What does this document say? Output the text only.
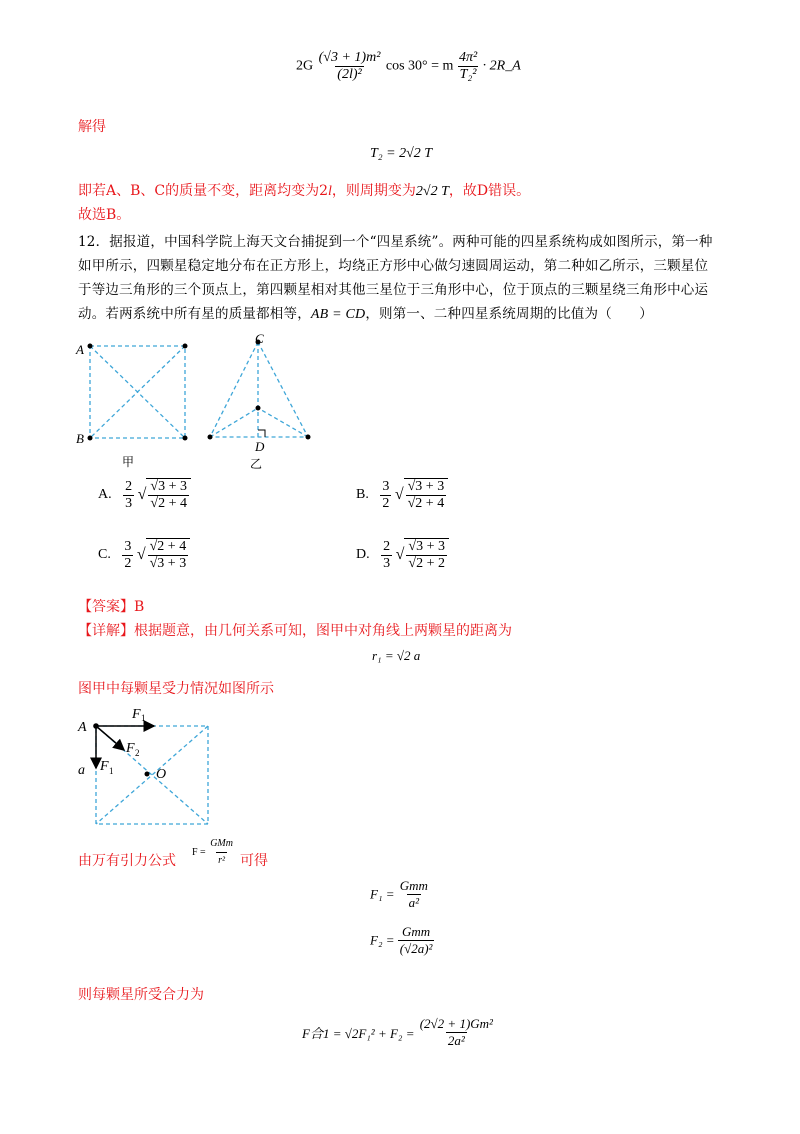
$2G \frac{\text{(√3 + 1)m²}}{\text{(2l)²}}$ cos 30° = m $\frac{\text{4π²}}{\text{T₂²}}$ · 2R_A
解得
T₂ = 2√2 T
即若A、B、C的质量不变，距离均变为2l，则周期变为2√2 T，故D错误。
故选B。
12．据报道，中国科学院上海天文台捕捉到一个“四星系统”。两种可能的四星系统构成如图所示，第一种
如甲所示，四颗星稳定地分布在正方形上，均绕正方形中心做匀速圆周运动，第二种如乙所示，三颗星位
于等边三角形的三个顶点上，第四颗星相对其他三星位于三角形中心，位于顶点的三颗星绕三角形中心运
动。若两系统中所有星的质量都相等，AB = CD，则第一、二种四星系统周期的比值为（　　）
A
B
甲
C
D
乙
A. $\frac{2}{3}$ √ $\frac{√3 + 3}{√2 + 4}$	B. $\frac{3}{2}$ √ $\frac{√3 + 3}{√2 + 4}$
C. $\frac{3}{2}$ √ $\frac{√2 + 4}{√3 + 3}$	D. $\frac{2}{3}$ √ $\frac{√3 + 3}{√2 + 2}$
【答案】B
【详解】根据题意，由几何关系可知，图甲中对角线上两颗星的距离为
r₁ = √2 a
图甲中每颗星受力情况如图所示
A
F 1
F 2
F 1
a	O
由万有引力公式
$F = \frac{\text{GMm}}{\text{r²}}$ 可得
$F_1 = \frac{\text{Gmm}}{\text{a²}}$
$F_2 = \frac{\text{Gmm}}{\text{(√2a)²}}$
则每颗星所受合力为
F合$1 = √2F_1^2 + F_2 = \frac{\text{(2√2 + 1)Gm²}}{\text{2a²}}$
